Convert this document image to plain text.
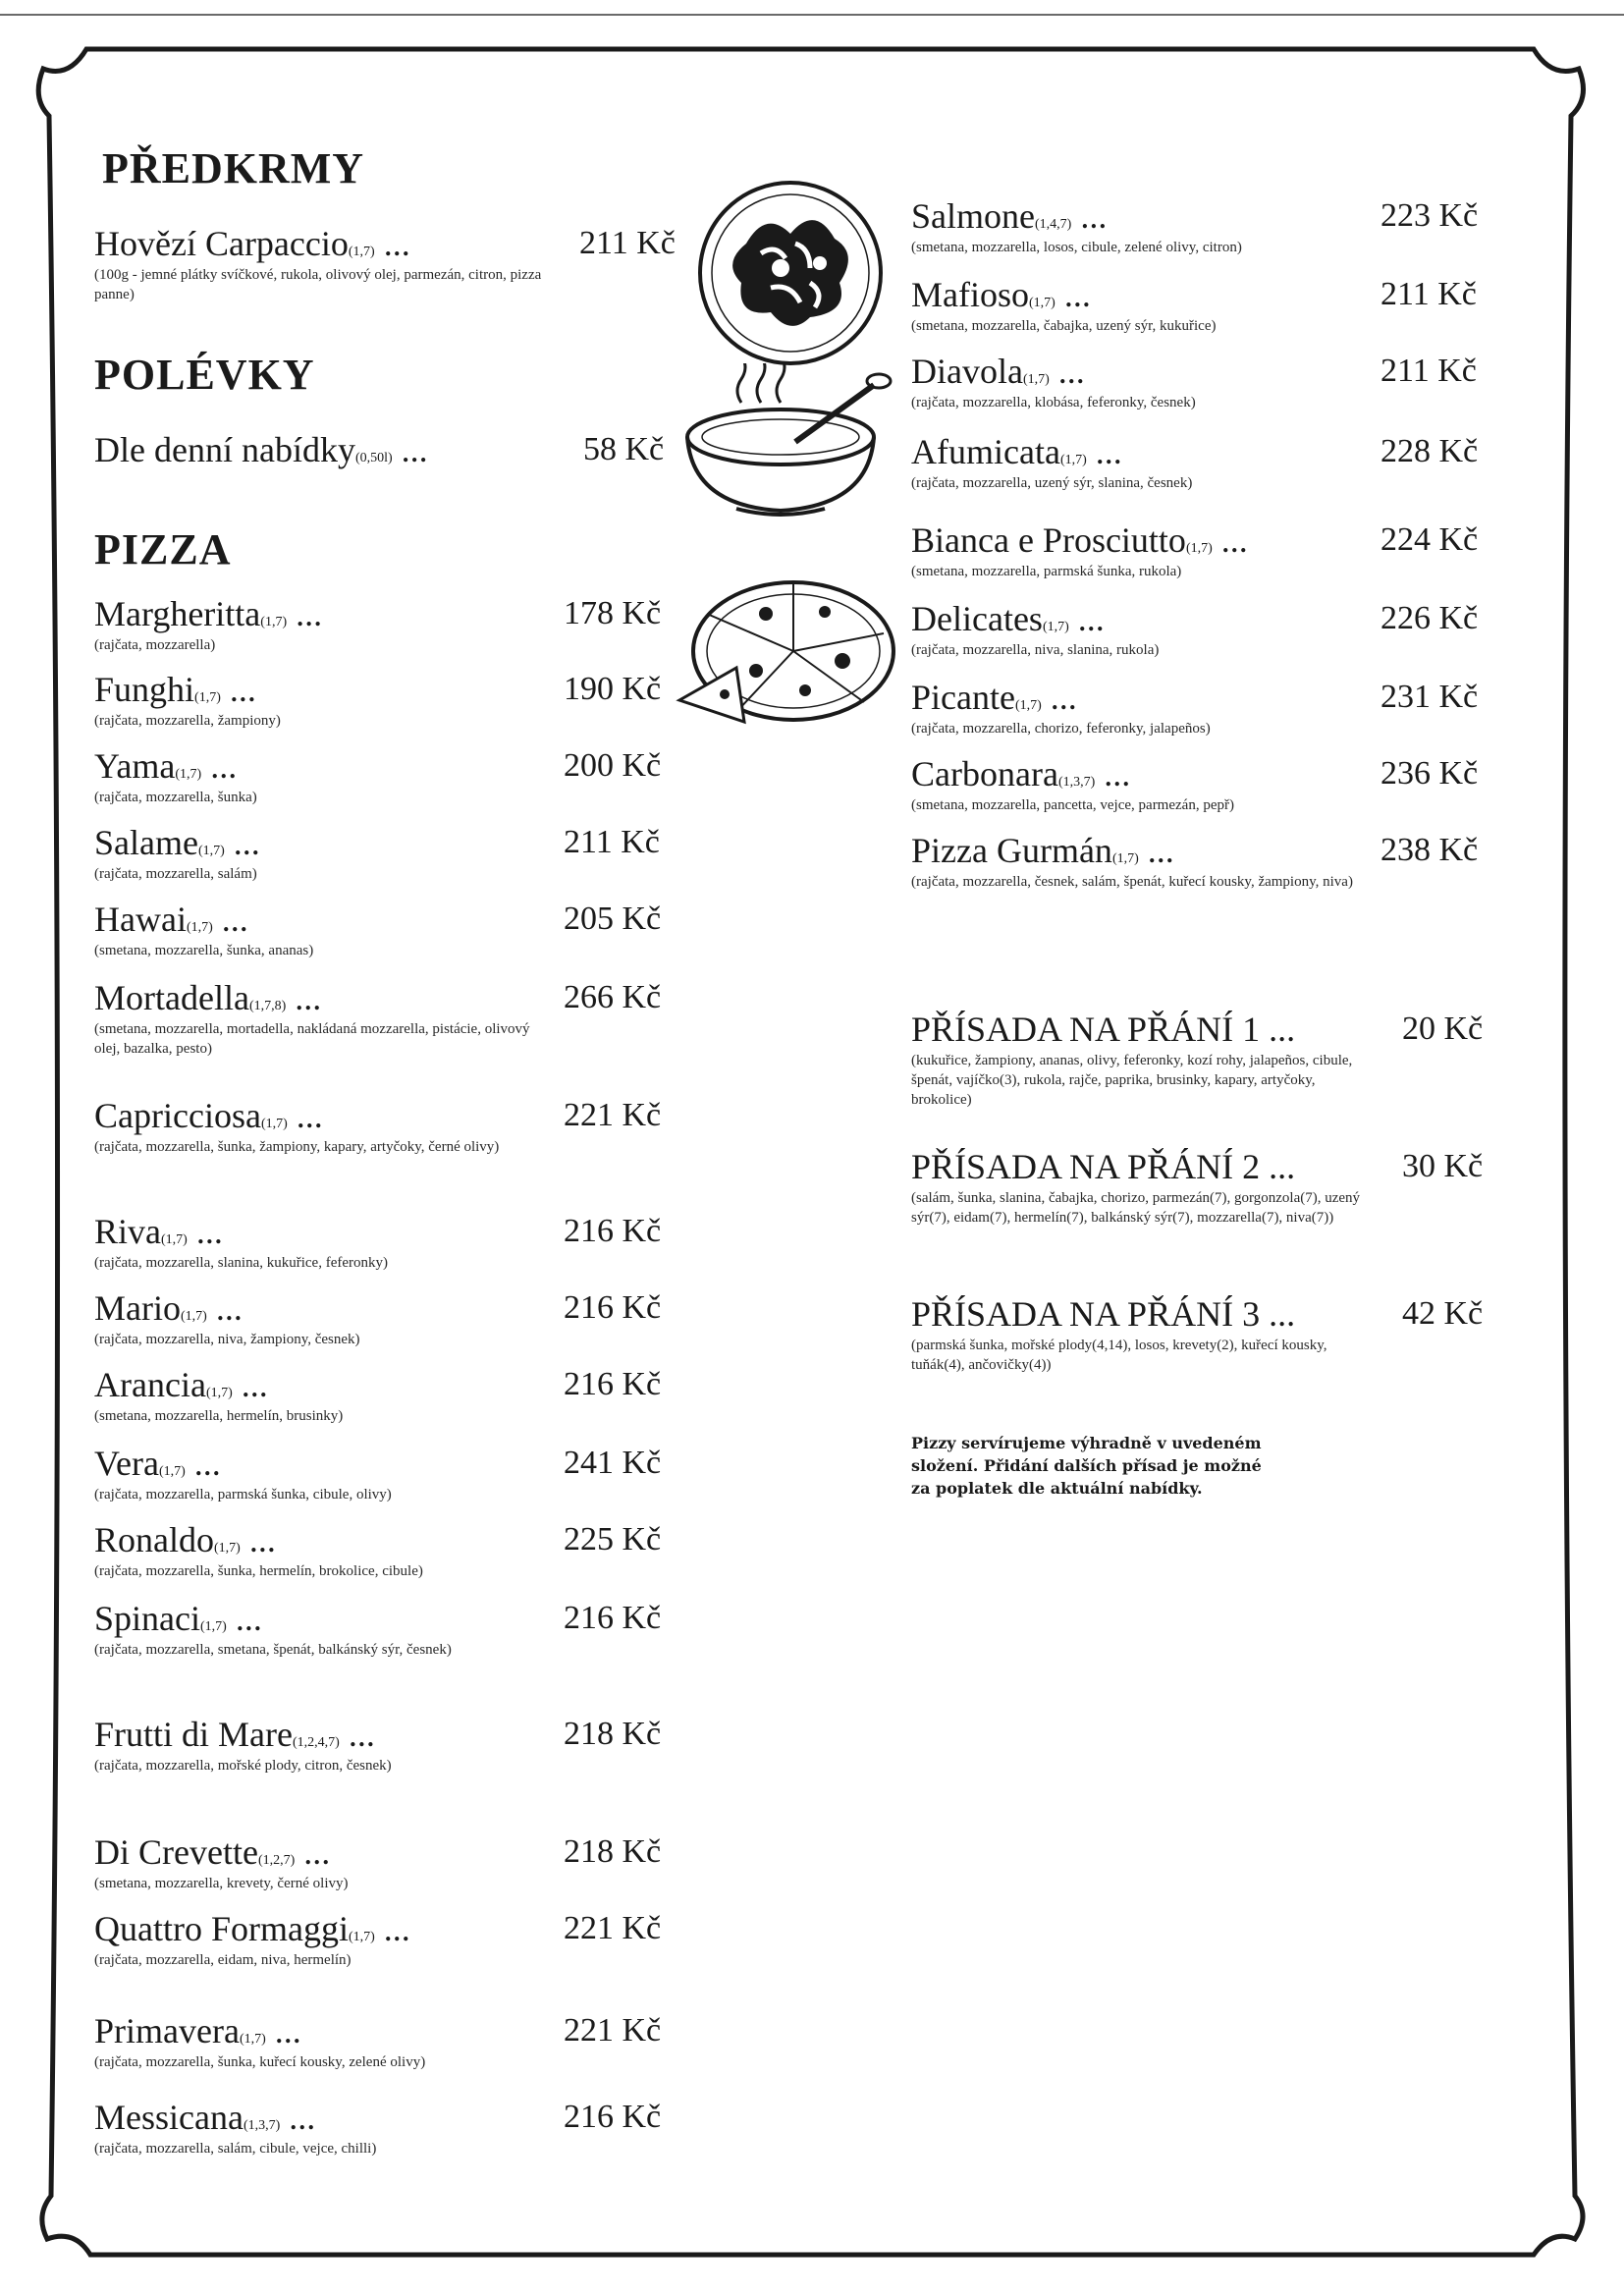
PŘEDKRMY
Hovězí Carpaccio(1,7) ...	211 Kč
(100g - jemné plátky svíčkové, rukola, olivový olej, parmezán, citron, pizza panne)
POLÉVKY
Dle denní nabídky(0,50l) ...	58 Kč
PIZZA
Margheritta(1,7) ...	178 Kč
(rajčata, mozzarella)
Funghi(1,7) ...	190 Kč
(rajčata, mozzarella, žampiony)
Yama(1,7) ...	200 Kč
(rajčata, mozzarella, šunka)
Salame(1,7) ...	211 Kč
(rajčata, mozzarella, salám)
Hawai(1,7) ...	205 Kč
(smetana, mozzarella, šunka, ananas)
Mortadella(1,7,8) ...	266 Kč
(smetana, mozzarella, mortadella, nakládaná mozzarella, pistácie, olivový olej, bazalka, pesto)
Capricciosa(1,7) ...	221 Kč
(rajčata, mozzarella, šunka, žampiony, kapary, artyčoky, černé olivy)
Riva(1,7) ...	216 Kč
(rajčata, mozzarella, slanina, kukuřice, feferonky)
Mario(1,7) ...	216 Kč
(rajčata, mozzarella, niva, žampiony, česnek)
Arancia(1,7) ...	216 Kč
(smetana, mozzarella, hermelín, brusinky)
Vera(1,7) ...	241 Kč
(rajčata, mozzarella, parmská šunka, cibule, olivy)
Ronaldo(1,7) ...	225 Kč
(rajčata, mozzarella, šunka, hermelín, brokolice, cibule)
Spinaci(1,7) ...	216 Kč
(rajčata, mozzarella, smetana, špenát, balkánský sýr, česnek)
Frutti di Mare(1,2,4,7) ...	218 Kč
(rajčata, mozzarella, mořské plody, citron, česnek)
Di Crevette(1,2,7) ...	218 Kč
(smetana, mozzarella, krevety, černé olivy)
Quattro Formaggi(1,7) ...	221 Kč
(rajčata, mozzarella, eidam, niva, hermelín)
Primavera(1,7) ...	221 Kč
(rajčata, mozzarella, šunka, kuřecí kousky, zelené olivy)
Messicana(1,3,7) ...	216 Kč
(rajčata, mozzarella, salám, cibule, vejce, chilli)
Salmone(1,4,7) ...	223 Kč
(smetana, mozzarella, losos, cibule, zelené olivy, citron)
Mafioso(1,7) ...	211 Kč
(smetana, mozzarella, čabajka, uzený sýr, kukuřice)
Diavola(1,7) ...	211 Kč
(rajčata, mozzarella, klobása, feferonky, česnek)
Afumicata(1,7) ...	228 Kč
(rajčata, mozzarella, uzený sýr, slanina, česnek)
Bianca e Prosciutto(1,7) ...	224 Kč
(smetana, mozzarella, parmská šunka, rukola)
Delicates(1,7) ...	226 Kč
(rajčata, mozzarella, niva, slanina, rukola)
Picante(1,7) ...	231 Kč
(rajčata, mozzarella, chorizo, feferonky, jalapeños)
Carbonara(1,3,7) ...	236 Kč
(smetana, mozzarella, pancetta, vejce, parmezán, pepř)
Pizza Gurmán(1,7) ...	238 Kč
(rajčata, mozzarella, česnek, salám, špenát, kuřecí kousky, žampiony, niva)
PŘÍSADA NA PŘÁNÍ 1 ...	20 Kč
(kukuřice, žampiony, ananas, olivy, feferonky, kozí rohy, jalapeños, cibule, špenát, vajíčko(3), rukola, rajče, paprika, brusinky, kapary, artyčoky, brokolice)
PŘÍSADA NA PŘÁNÍ 2 ...	30 Kč
(salám, šunka, slanina, čabajka, chorizo, parmezán(7), gorgonzola(7), uzený sýr(7), eidam(7), hermelín(7), balkánský sýr(7), mozzarella(7), niva(7))
PŘÍSADA NA PŘÁNÍ 3 ...	42 Kč
(parmská šunka, mořské plody(4,14), losos, krevety(2), kuřecí kousky, tuňák(4), ančovičky(4))
Pizzy servírujeme výhradně v uvedeném
složení. Přidání dalších přísad je možné
za poplatek dle aktuální nabídky.
